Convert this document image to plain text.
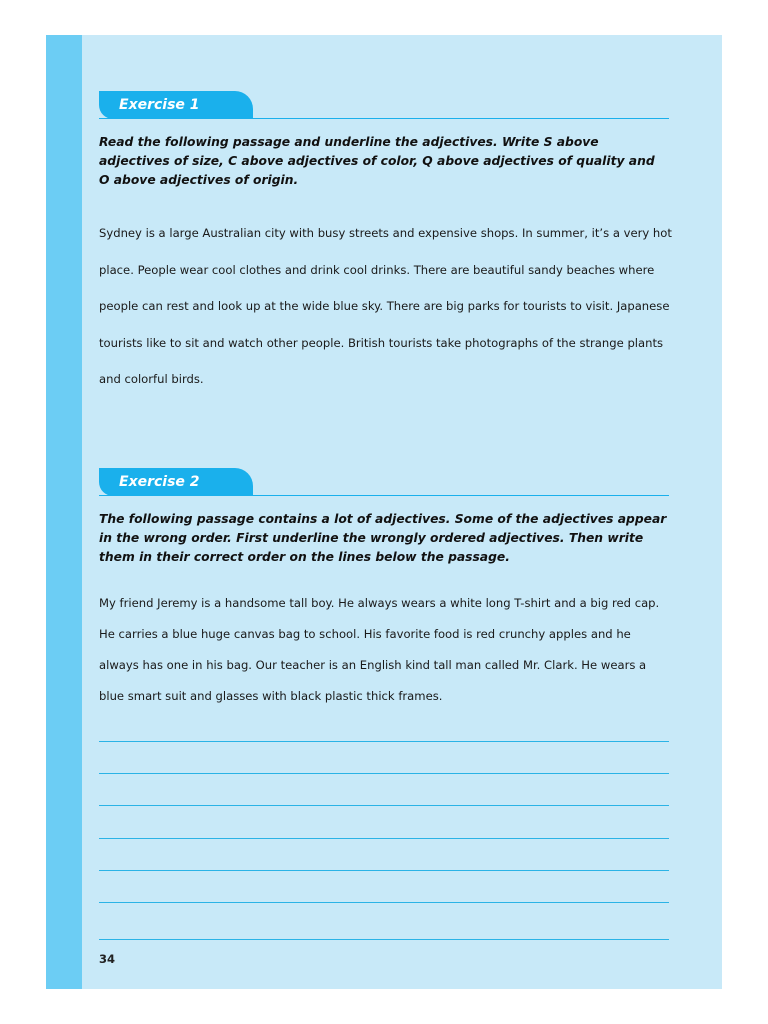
Exercise 1
Read the following passage and underline the adjectives. Write S above adjectives of size, C above adjectives of color, Q above adjectives of quality and O above adjectives of origin.
Sydney is a large Australian city with busy streets and expensive shops. In summer, it’s a very hot place. People wear cool clothes and drink cool drinks. There are beautiful sandy beaches where people can rest and look up at the wide blue sky. There are big parks for tourists to visit. Japanese tourists like to sit and watch other people. British tourists take photographs of the strange plants and colorful birds.
Exercise 2
The following passage contains a lot of adjectives. Some of the adjectives appear in the wrong order. First underline the wrongly ordered adjectives. Then write them in their correct order on the lines below the passage.
My friend Jeremy is a handsome tall boy. He always wears a white long T-shirt and a big red cap. He carries a blue huge canvas bag to school. His favorite food is red crunchy apples and he always has one in his bag. Our teacher is an English kind tall man called Mr. Clark. He wears a blue smart suit and glasses with black plastic thick frames.
34
